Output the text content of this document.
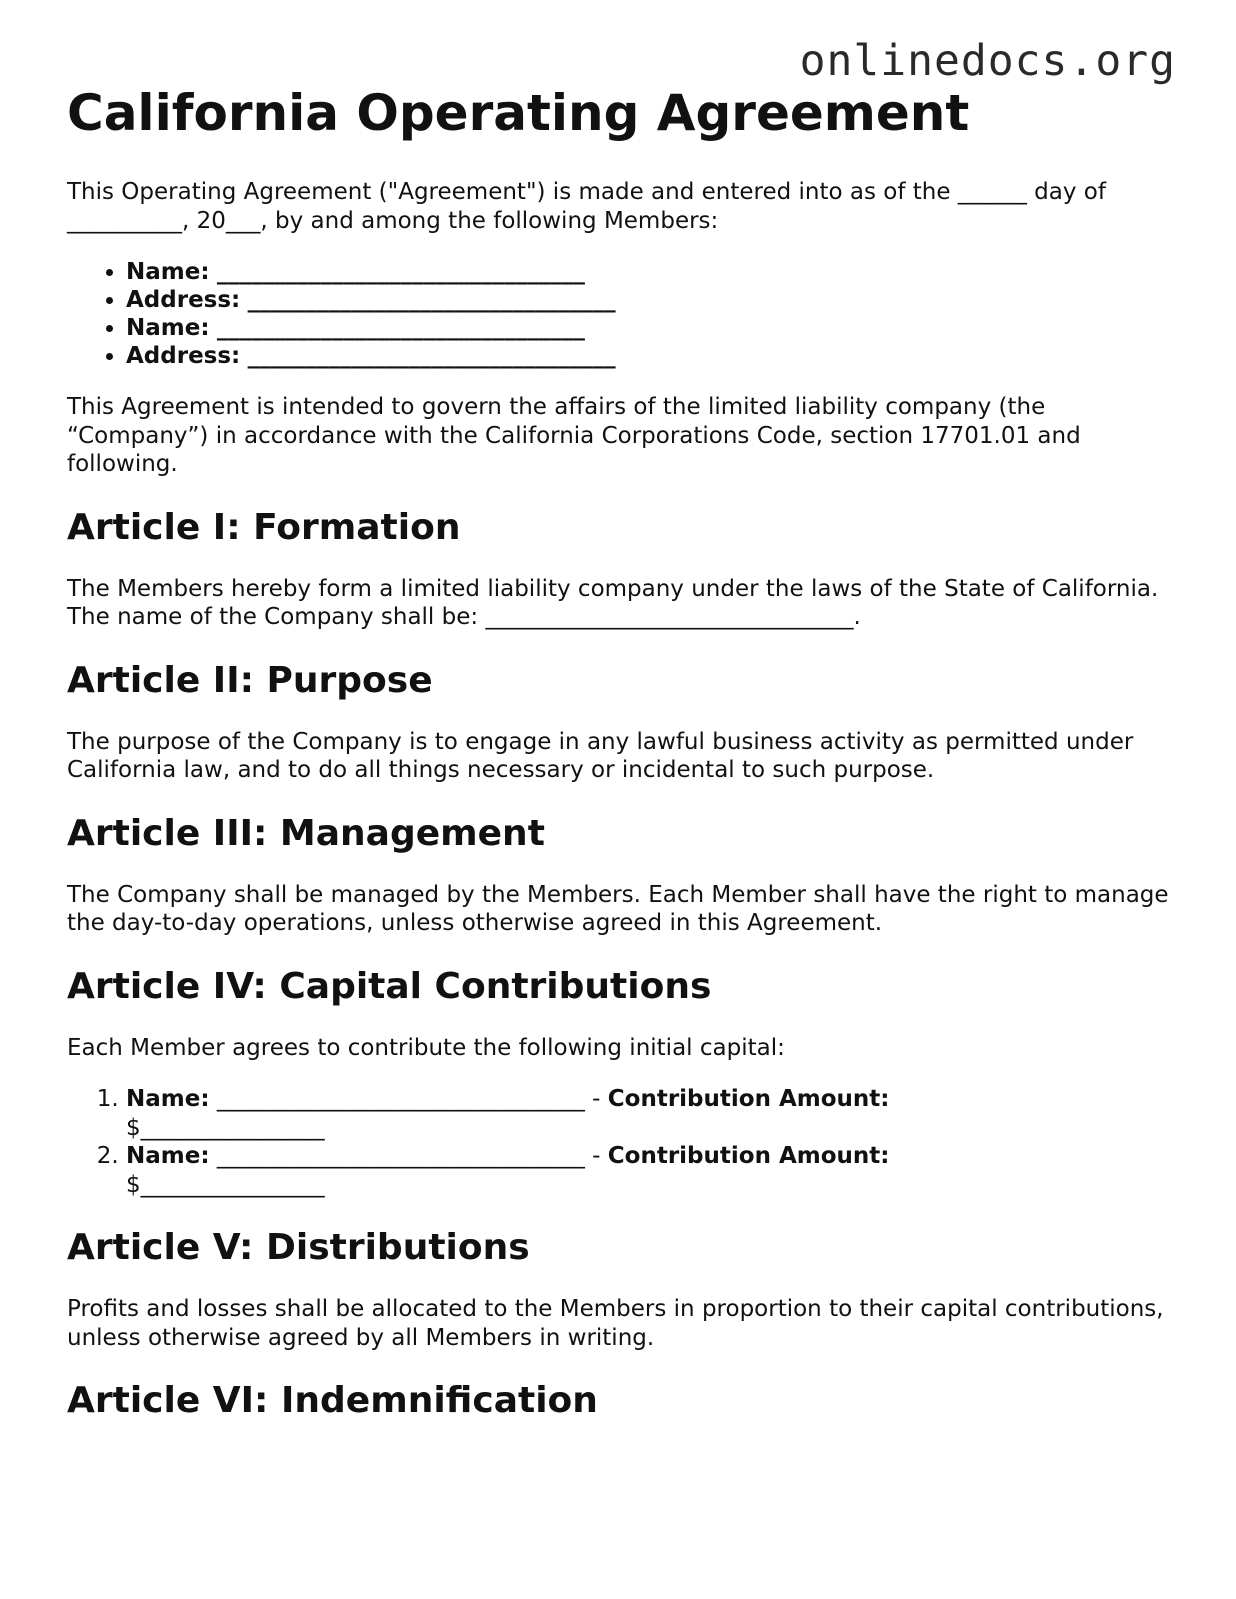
onlinedocs.org
California Operating Agreement

This Operating Agreement ("Agreement") is made and entered into as of the ______ day of __________, 20___, by and among the following Members:

• Name: ________________________________
• Address: ________________________________
• Name: ________________________________
• Address: ________________________________

This Agreement is intended to govern the affairs of the limited liability company (the “Company”) in accordance with the California Corporations Code, section 17701.01 and following.

Article I: Formation

The Members hereby form a limited liability company under the laws of the State of California. The name of the Company shall be: ________________________________.

Article II: Purpose

The purpose of the Company is to engage in any lawful business activity as permitted under California law, and to do all things necessary or incidental to such purpose.

Article III: Management

The Company shall be managed by the Members. Each Member shall have the right to manage the day-to-day operations, unless otherwise agreed in this Agreement.

Article IV: Capital Contributions

Each Member agrees to contribute the following initial capital:

1. Name: ________________________________ - Contribution Amount: $________________
2. Name: ________________________________ - Contribution Amount: $________________
Article V: Distributions

Profits and losses shall be allocated to the Members in proportion to their capital contributions, unless otherwise agreed by all Members in writing.

Article VI: Indemnification
